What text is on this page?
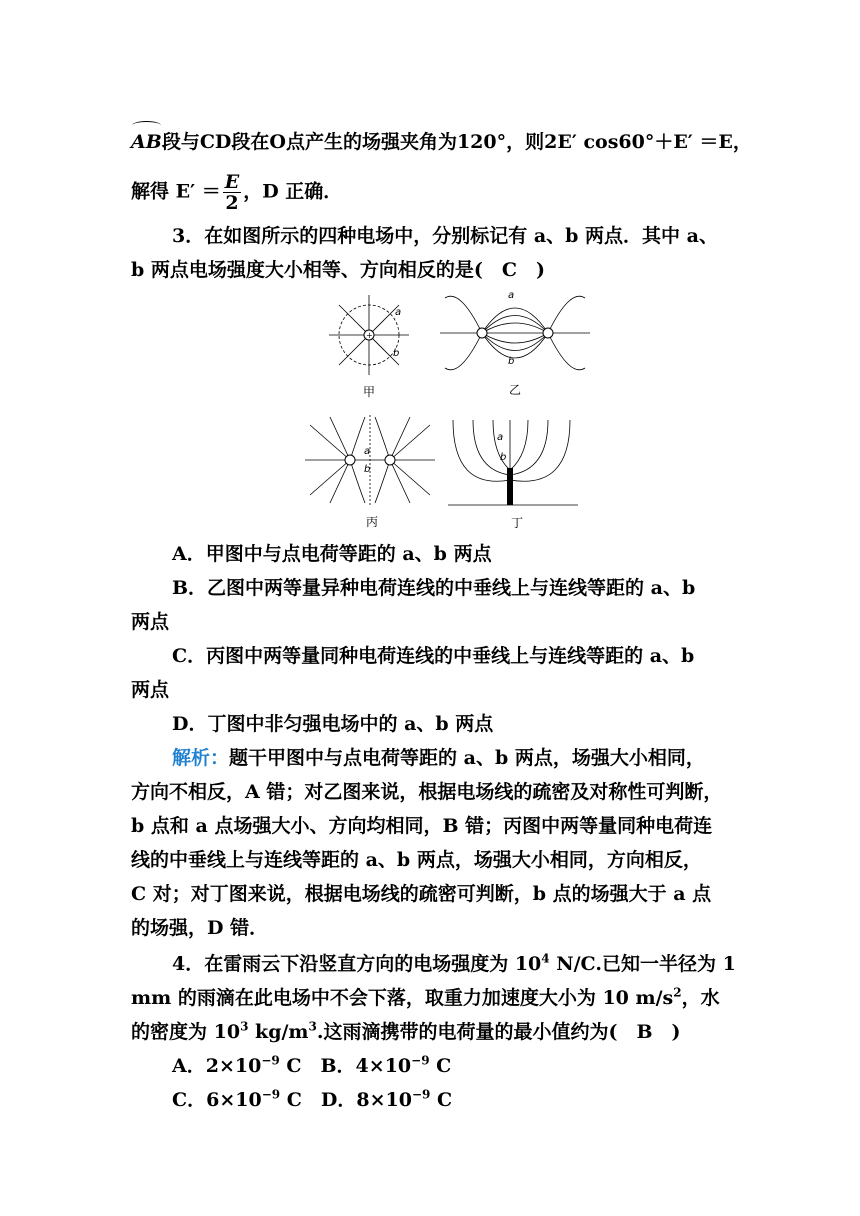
AB段与CD段在O点产生的场强夹角为120°，则2E′ cos60°＋E′ ＝E，
解得 $E' = \frac{E}{2}$ ，D 正确．
3．在如图所示的四种电场中，分别标记有 a、b 两点．其中 a、
b 两点电场强度大小相等、方向相反的是(　C　)
+
a
b
甲
a
b
乙
a
b
丙
a
b
丁
A．甲图中与点电荷等距的 a、b 两点
B．乙图中两等量异种电荷连线的中垂线上与连线等距的 a、b
两点
C．丙图中两等量同种电荷连线的中垂线上与连线等距的 a、b
两点
D．丁图中非匀强电场中的 a、b 两点
解析：题干甲图中与点电荷等距的 a、b 两点，场强大小相同，
方向不相反，A 错；对乙图来说，根据电场线的疏密及对称性可判断，
b 点和 a 点场强大小、方向均相同，B 错；丙图中两等量同种电荷连
线的中垂线上与连线等距的 a、b 两点，场强大小相同，方向相反，
C 对；对丁图来说，根据电场线的疏密可判断，b 点的场强大于 a 点
的场强，D 错．
4．在雷雨云下沿竖直方向的电场强度为 $10^4$ N/C.已知一半径为 1
mm 的雨滴在此电场中不会下落，取重力加速度大小为 10 $m/s^2$，水
的密度为 $10^3$ $kg/m^3$.这雨滴携带的电荷量的最小值约为(　B　)
A．$2\times 10^{-9}$ C　 B．$4\times 10^{-9}$ C
C．$6\times 10^{-9}$ C　 D．$8\times 10^{-9}$ C
